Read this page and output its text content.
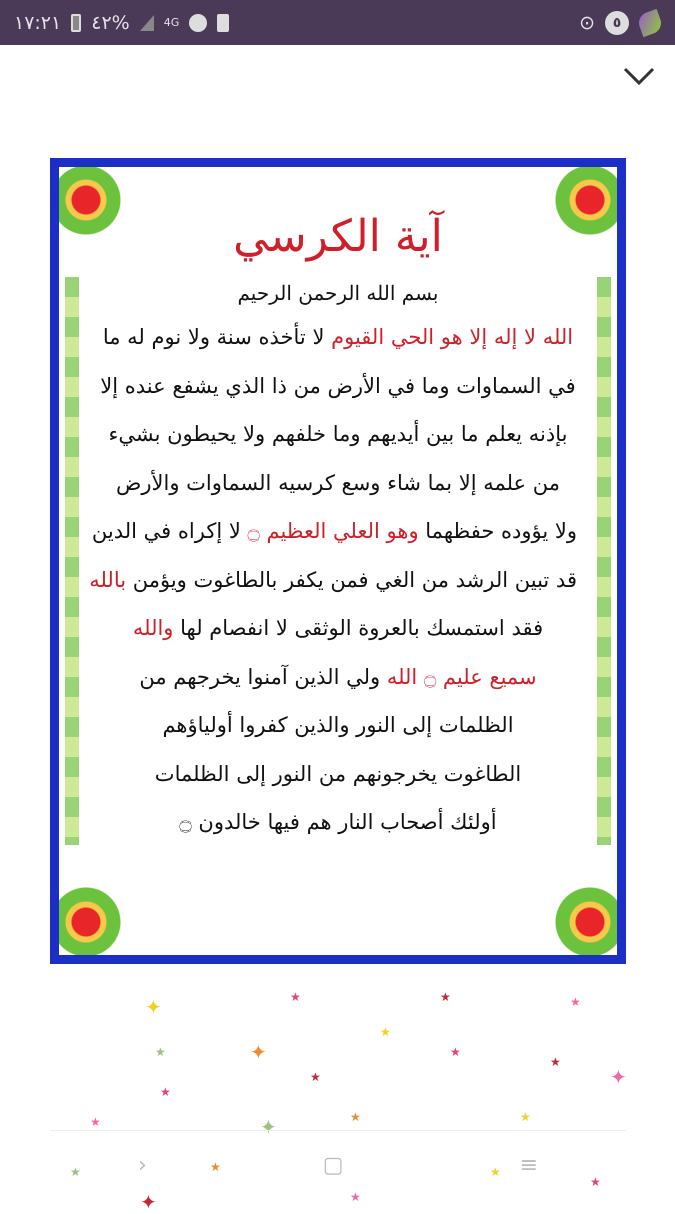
١٧:٢١ ٤٢%	4G	⊙	٥
آية الكرسي
بسم الله الرحمن الرحيم
الله لا إله إلا هو الحي القيوم لا تأخذه سنة ولا نوم له ما
في السماوات وما في الأرض من ذا الذي يشفع عنده إلا
بإذنه يعلم ما بين أيديهم وما خلفهم ولا يحيطون بشيء
من علمه إلا بما شاء وسع كرسيه السماوات والأرض
ولا يؤوده حفظهما وهو العلي العظيم ۝ لا إكراه في الدين
قد تبين الرشد من الغي فمن يكفر بالطاغوت ويؤمن بالله
فقد استمسك بالعروة الوثقى لا انفصام لها والله
سميع عليم ۝ الله ولي الذين آمنوا يخرجهم من
الظلمات إلى النور والذين كفروا أولياؤهم
الطاغوت يخرجونهم من النور إلى الظلمات
أولئك أصحاب النار هم فيها خالدون ۝
✦	★	★	★
★	✦
★
★
★
★	✦	★	★
★
★	✦
★	★	★
★
✦	★
›	▢	≡
